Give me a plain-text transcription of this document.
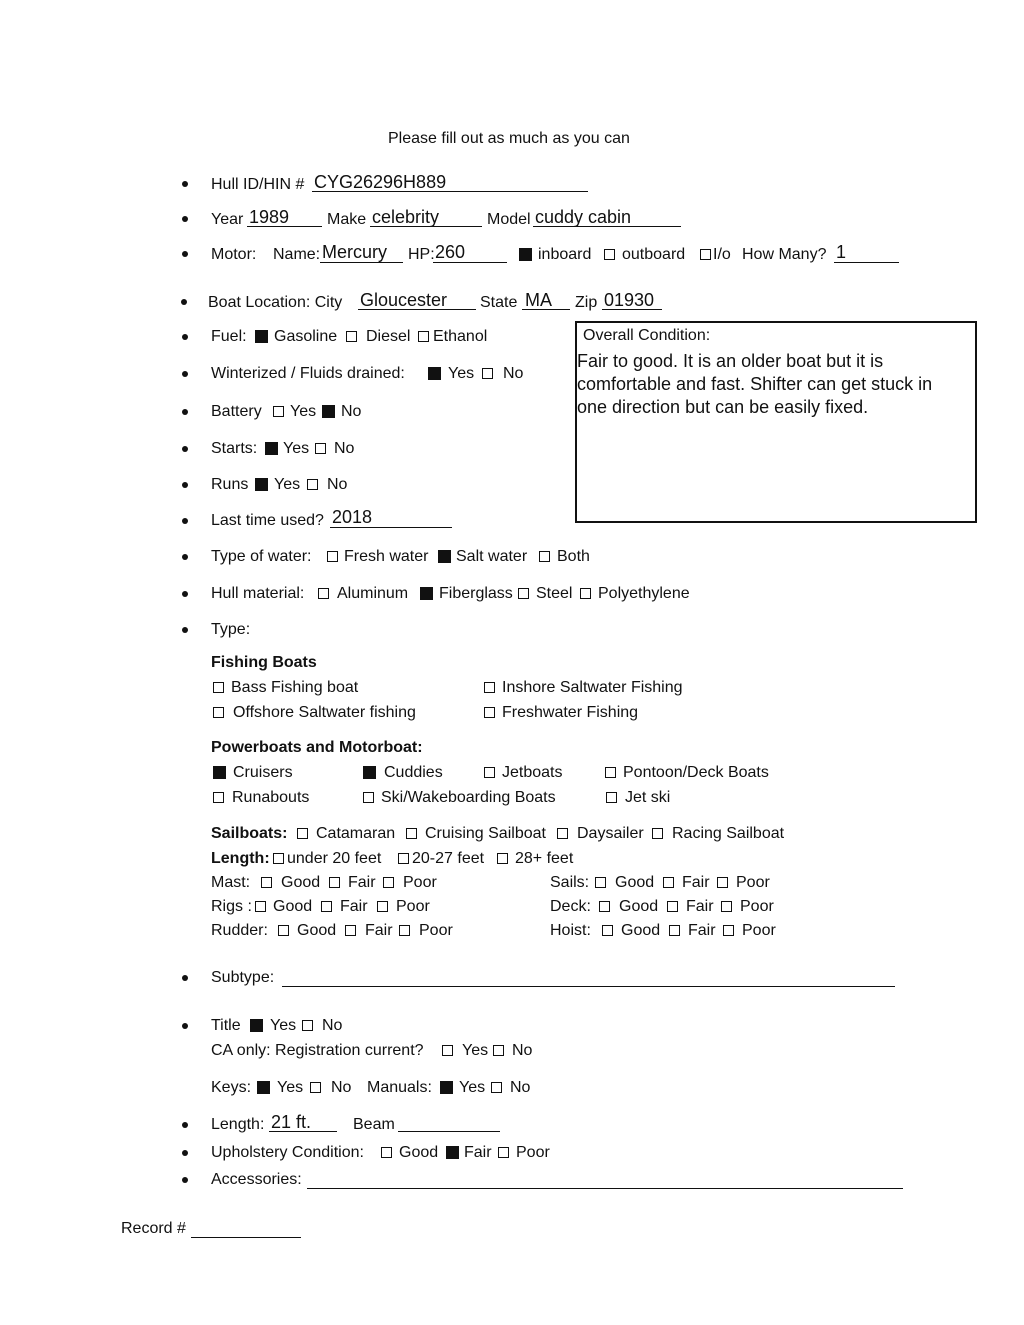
Please fill out as much as you can
Hull ID/HIN # CYG26296H889
Year 1989 Make celebrity	Model cuddy cabin
Motor: Name: Mercury HP: 260	inboard outboard I/o How Many? 1
Boat Location: City Gloucester State MA Zip 01930
Fuel: Gasoline Diesel Ethanol	Overall Condition:
Fair to good. It is an older boat but it is comfortable and fast. Shifter can get stuck in one direction but can be easily fixed.
Winterized / Fluids drained:	Yes No
Battery Yes No
Starts: Yes No
Runs Yes No
Last time used? 2018
Type of water: Fresh water Salt water Both
Hull material: Aluminum Fiberglass Steel Polyethylene
Type:
Fishing Boats
Bass Fishing boat	Inshore Saltwater Fishing
Offshore Saltwater fishing	Freshwater Fishing
Powerboats and Motorboat:
Cruisers	Cuddies	Jetboats	Pontoon/Deck Boats
Runabouts	Ski/Wakeboarding Boats	Jet ski
Sailboats: Catamaran Cruising Sailboat Daysailer Racing Sailboat
Length: under 20 feet 20-27 feet 28+ feet
Mast: Good Fair Poor	Sails: Good Fair Poor
Rigs : Good Fair Poor	Deck: Good Fair Poor
Rudder: Good Fair Poor	Hoist: Good Fair Poor
Subtype:
Title Yes No
CA only: Registration current? Yes No
Keys: Yes No Manuals: Yes No
Length: 21 ft.	Beam
Upholstery Condition: Good Fair Poor
Accessories:
Record #
